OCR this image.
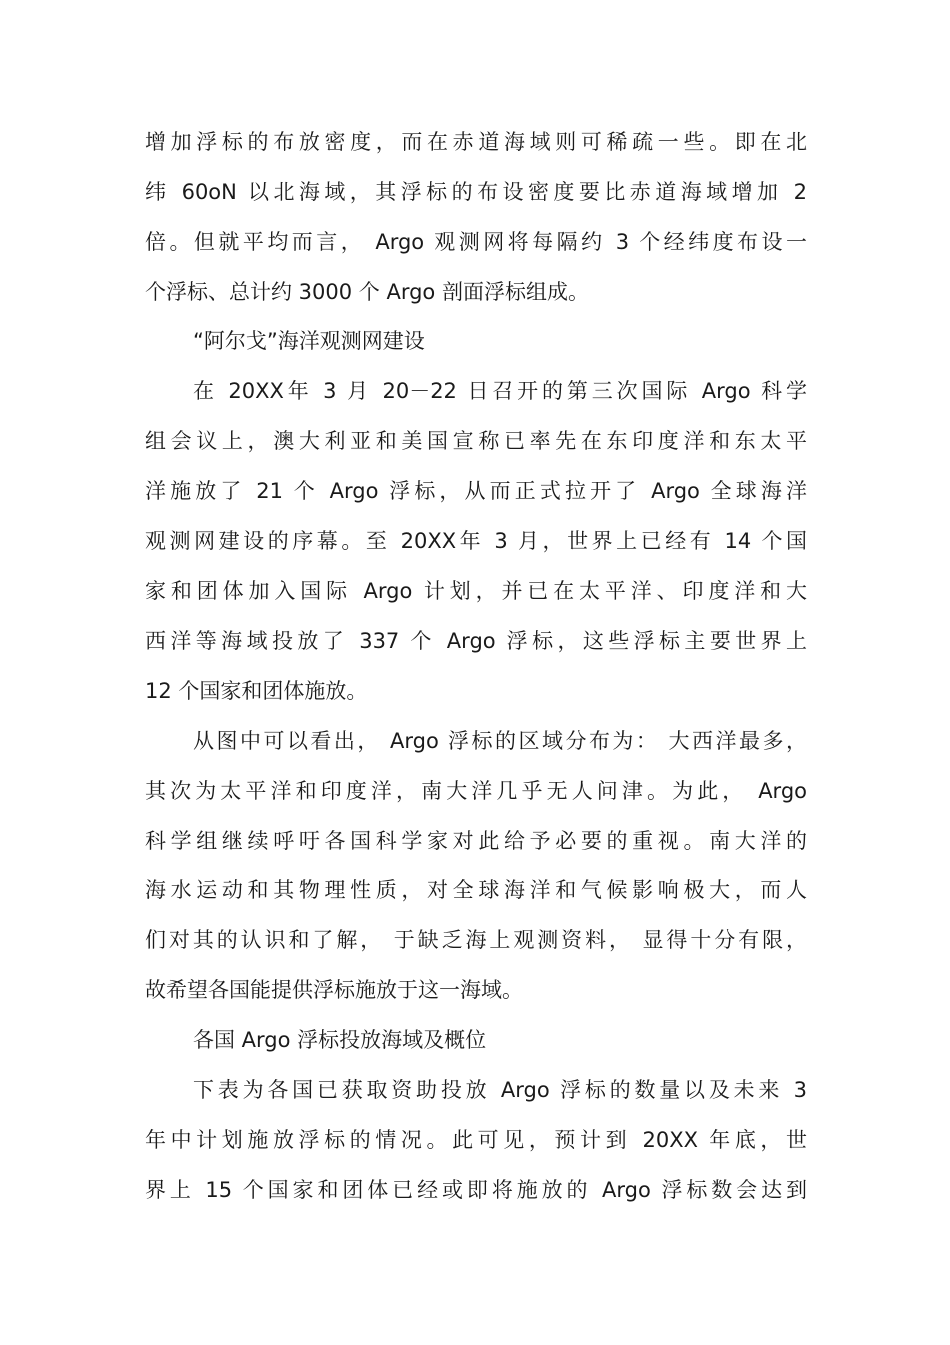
增加浮标的布放密度，而在赤道海域则可稀疏一些。即在北
纬 60oN 以北海域，其浮标的布设密度要比赤道海域增加 2
倍。但就平均而言， Argo 观测网将每隔约 3 个经纬度布设一
个浮标、总计约 3000 个 Argo 剖面浮标组成。
“阿尔戈”海洋观测网建设
在 20XX年 3 月 20－22 日召开的第三次国际 Argo 科学
组会议上，澳大利亚和美国宣称已率先在东印度洋和东太平
洋施放了 21 个 Argo 浮标，从而正式拉开了 Argo 全球海洋
观测网建设的序幕。至 20XX年 3 月，世界上已经有 14 个国
家和团体加入国际 Argo 计划，并已在太平洋、印度洋和大
西洋等海域投放了 337 个 Argo 浮标，这些浮标主要世界上
12 个国家和团体施放。
从图中可以看出， Argo 浮标的区域分布为： 大西洋最多，
其次为太平洋和印度洋，南大洋几乎无人问津。为此， Argo
科学组继续呼吁各国科学家对此给予必要的重视。南大洋的
海水运动和其物理性质，对全球海洋和气候影响极大，而人
们对其的认识和了解， 于缺乏海上观测资料， 显得十分有限，
故希望各国能提供浮标施放于这一海域。
各国 Argo 浮标投放海域及概位
下表为各国已获取资助投放 Argo 浮标的数量以及未来 3
年中计划施放浮标的情况。此可见，预计到 20XX 年底，世
界上 15 个国家和团体已经或即将施放的 Argo 浮标数会达到
